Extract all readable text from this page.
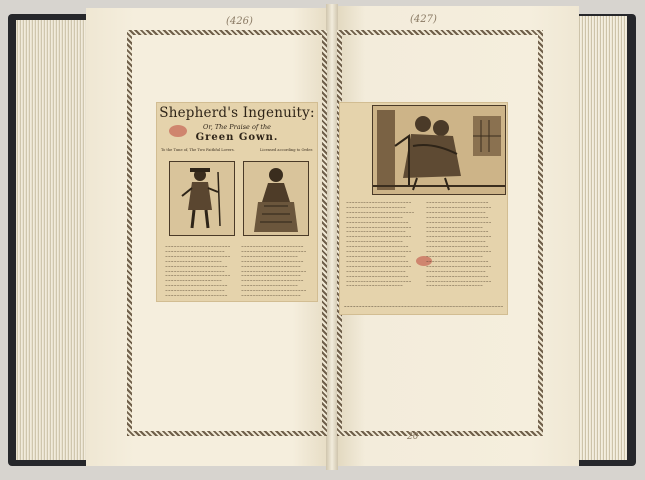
(426)	(427)
Shepherd's Ingenuity:
Or, The Praise of the
Green Gown.
To the Tune of, The Two Faithful Lovers.	Licensed according to Order.
~~~~~~~~~~~~~~~~~~~~~~~
~~~~~~~~~~~~~~~~~~~~~
~~~~~~~~~~~~~~~~~~~~~~~
~~~~~~~~~~~~~~~~~~~~
~~~~~~~~~~~~~~~~~~~~~~
~~~~~~~~~~~~~~~~~~~~~
~~~~~~~~~~~~~~~~~~~~~~~
~~~~~~~~~~~~~~~~~~~~
~~~~~~~~~~~~~~~~~~~~~~
~~~~~~~~~~~~~~~~~~~~~
~~~~~~~~~~~~~~~~~~~~~~
~~~~~~~~~~~~~~~~~~~~~~
~~~~~~~~~~~~~~~~~~~~~~~
~~~~~~~~~~~~~~~~~~~~
~~~~~~~~~~~~~~~~~~~~~~
~~~~~~~~~~~~~~~~~~~~~
~~~~~~~~~~~~~~~~~~~~~~~
~~~~~~~~~~~~~~~~~~~~~
~~~~~~~~~~~~~~~~~~~~~~
~~~~~~~~~~~~~~~~~~~~
~~~~~~~~~~~~~~~~~~~~~~~
~~~~~~~~~~~~~~~~~~~~~
~~~~~~~~~~~~~~~~~~~~~~~
~~~~~~~~~~~~~~~~~~~~~
~~~~~~~~~~~~~~~~~~~~~~~~
~~~~~~~~~~~~~~~~~~~~
~~~~~~~~~~~~~~~~~~~~~~
~~~~~~~~~~~~~~~~~~~~~~~
~~~~~~~~~~~~~~~~~~~~~
~~~~~~~~~~~~~~~~~~~~~~~
~~~~~~~~~~~~~~~~~~~~
~~~~~~~~~~~~~~~~~~~~~~
~~~~~~~~~~~~~~~~~~~~~~~
~~~~~~~~~~~~~~~~~~~~~
~~~~~~~~~~~~~~~~~~~~~~
~~~~~~~~~~~~~~~~~~~~~~~
~~~~~~~~~~~~~~~~~~~~~
~~~~~~~~~~~~~~~~~~~~~~
~~~~~~~~~~~~~~~~~~~~~~~
~~~~~~~~~~~~~~~~~~~~
~~~~~~~~~~~~~~~~~~~~~~
~~~~~~~~~~~~~~~~~~~~~~~
~~~~~~~~~~~~~~~~~~~~~
~~~~~~~~~~~~~~~~~~~~~~
~~~~~~~~~~~~~~~~~~~~~~~
~~~~~~~~~~~~~~~~~~~~
~~~~~~~~~~~~~~~~~~~~~~
~~~~~~~~~~~~~~~~~~~~~~~
~~~~~~~~~~~~~~~~~~~~~
~~~~~~~~~~~~~~~~~~~~~~
~~~~~~~~~~~~~~~~~~~~~~~
~~~~~~~~~~~~~~~~~~~~
~~~~~~~~~~~~~~~~~~~~~~
~~~~~~~~~~~~~~~~~~~~~~~
~~~~~~~~~~~~~~~~~~~~~
~~~~~~~~~~~~~~~~~~~~~~
~~~~~~~~~~~~~~~~~~~~~~~
~~~~~~~~~~~~~~~~~~~~
~~~~~~~~~~~~~~~~~~~~~~~~~~~~~~~~~~~~~~~~~~~~~~~~~~~~~
20
